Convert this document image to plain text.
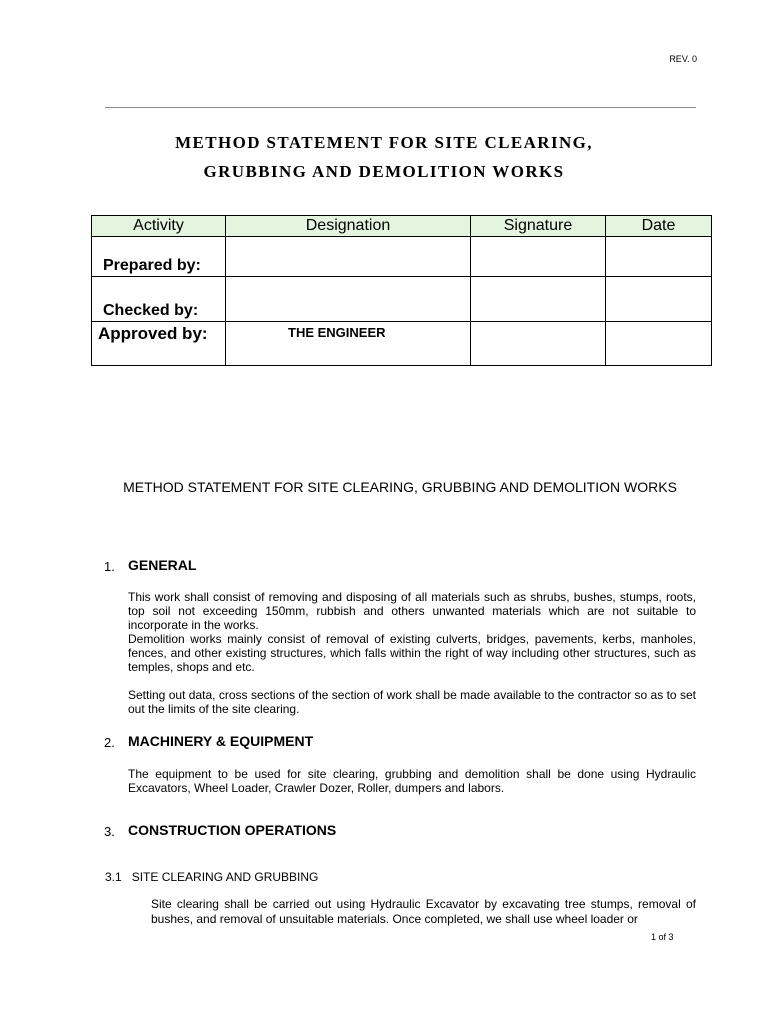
REV. 0
METHOD STATEMENT FOR SITE CLEARING,
GRUBBING AND DEMOLITION WORKS
Activity	Designation	Signature	Date
Prepared by:			
Checked by:			
Approved by:	THE ENGINEER		
METHOD STATEMENT FOR SITE CLEARING, GRUBBING AND DEMOLITION WORKS
1. GENERAL

This work shall consist of removing and disposing of all materials such as shrubs, bushes, stumps, roots, top soil not exceeding 150mm, rubbish and others unwanted materials which are not suitable to incorporate in the works.

Demolition works mainly consist of removal of existing culverts, bridges, pavements, kerbs, manholes, fences, and other existing structures, which falls within the right of way including other structures, such as temples, shops and etc.

Setting out data, cross sections of the section of work shall be made available to the contractor so as to set out the limits of the site clearing.

2. MACHINERY & EQUIPMENT

The equipment to be used for site clearing, grubbing and demolition shall be done using Hydraulic Excavators, Wheel Loader, Crawler Dozer, Roller, dumpers and labors.

3. CONSTRUCTION OPERATIONS
3.1 SITE CLEARING AND GRUBBING
Site clearing shall be carried out using Hydraulic Excavator by excavating tree stumps, removal of bushes, and removal of unsuitable materials. Once completed, we shall use wheel loader or
1 of 3
